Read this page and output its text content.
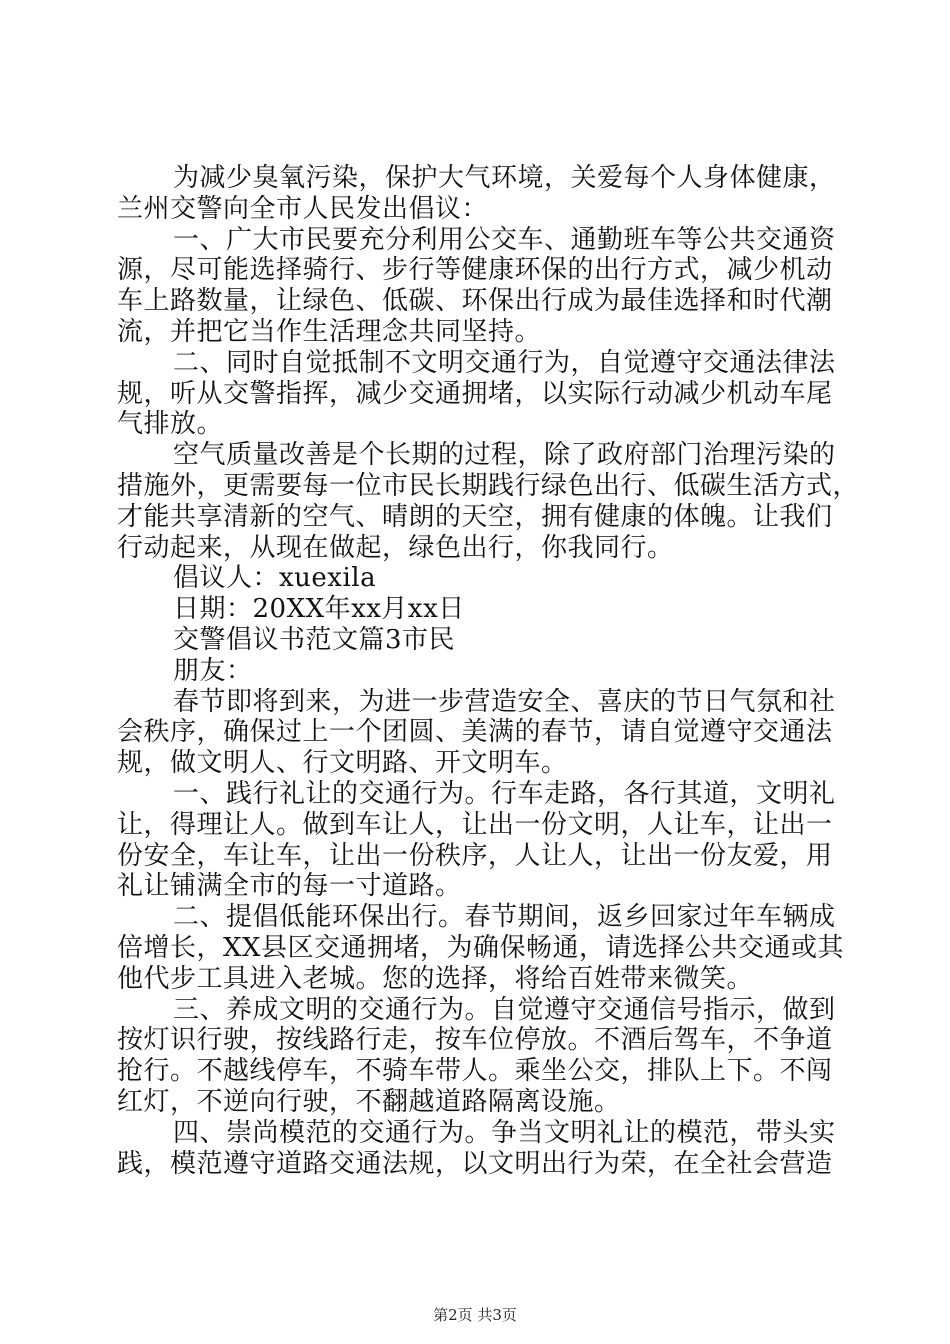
为减少臭氧污染，保护大气环境，关爱每个人身体健康，
兰州交警向全市人民发出倡议：
一、广大市民要充分利用公交车、通勤班车等公共交通资
源，尽可能选择骑行、步行等健康环保的出行方式，减少机动
车上路数量，让绿色、低碳、环保出行成为最佳选择和时代潮
流，并把它当作生活理念共同坚持。
二、同时自觉抵制不文明交通行为，自觉遵守交通法律法
规，听从交警指挥，减少交通拥堵，以实际行动减少机动车尾
气排放。
空气质量改善是个长期的过程，除了政府部门治理污染的
措施外，更需要每一位市民长期践行绿色出行、低碳生活方式，
才能共享清新的空气、晴朗的天空，拥有健康的体魄。让我们
行动起来，从现在做起，绿色出行，你我同行。
倡议人：xuexila
日期：20XX年xx月xx日
交警倡议书范文篇3市民
朋友：
春节即将到来，为进一步营造安全、喜庆的节日气氛和社
会秩序，确保过上一个团圆、美满的春节，请自觉遵守交通法
规，做文明人、行文明路、开文明车。
一、践行礼让的交通行为。行车走路，各行其道，文明礼
让，得理让人。做到车让人，让出一份文明，人让车，让出一
份安全，车让车，让出一份秩序，人让人，让出一份友爱，用
礼让铺满全市的每一寸道路。
二、提倡低能环保出行。春节期间，返乡回家过年车辆成
倍增长，XX县区交通拥堵，为确保畅通，请选择公共交通或其
他代步工具进入老城。您的选择，将给百姓带来微笑。
三、养成文明的交通行为。自觉遵守交通信号指示，做到
按灯识行驶，按线路行走，按车位停放。不酒后驾车，不争道
抢行。不越线停车，不骑车带人。乘坐公交，排队上下。不闯
红灯，不逆向行驶，不翻越道路隔离设施。
四、崇尚模范的交通行为。争当文明礼让的模范，带头实
践，模范遵守道路交通法规，以文明出行为荣，在全社会营造
第2页 共3页
